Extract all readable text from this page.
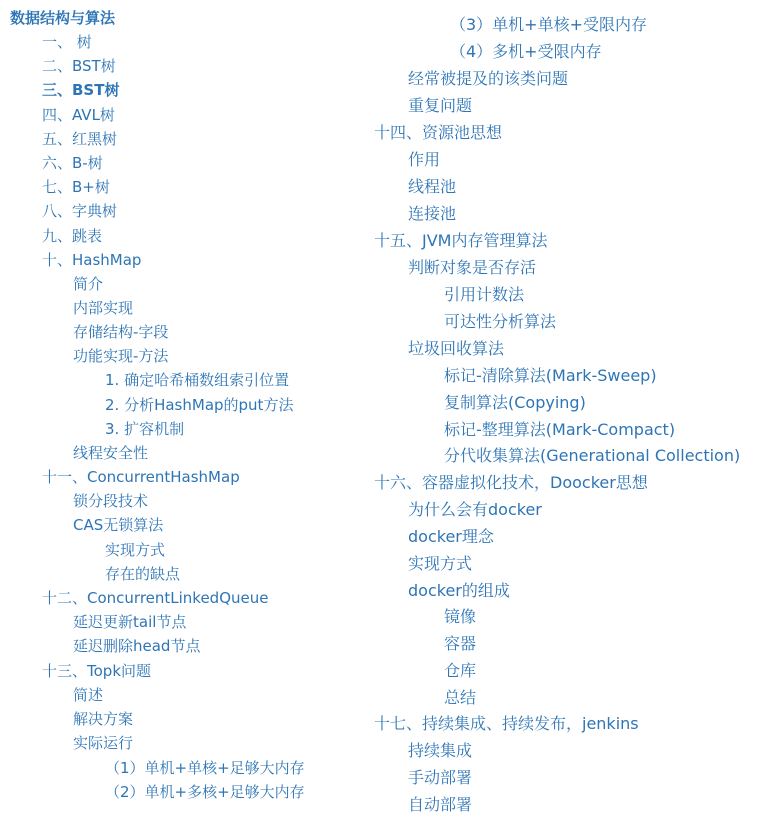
数据结构与算法
一、 树
二、BST树
三、BST树
四、AVL树
五、红黑树
六、B-树
七、B+树
八、字典树
九、跳表
十、HashMap
简介
内部实现
存储结构-字段
功能实现-方法
1. 确定哈希桶数组索引位置
2. 分析HashMap的put方法
3. 扩容机制
线程安全性
十一、ConcurrentHashMap
锁分段技术
CAS无锁算法
实现方式
存在的缺点
十二、ConcurrentLinkedQueue
延迟更新tail节点
延迟删除head节点
十三、Topk问题
简述
解决方案
实际运行
（1）单机+单核+足够大内存
（2）单机+多核+足够大内存
（3）单机+单核+受限内存
（4）多机+受限内存
经常被提及的该类问题
重复问题
十四、资源池思想
作用
线程池
连接池
十五、JVM内存管理算法
判断对象是否存活
引用计数法
可达性分析算法
垃圾回收算法
标记-清除算法(Mark-Sweep)
复制算法(Copying)
标记-整理算法(Mark-Compact)
分代收集算法(Generational Collection)
十六、容器虚拟化技术，Doocker思想
为什么会有docker
docker理念
实现方式
docker的组成
镜像
容器
仓库
总结
十七、持续集成、持续发布，jenkins
持续集成
手动部署
自动部署
